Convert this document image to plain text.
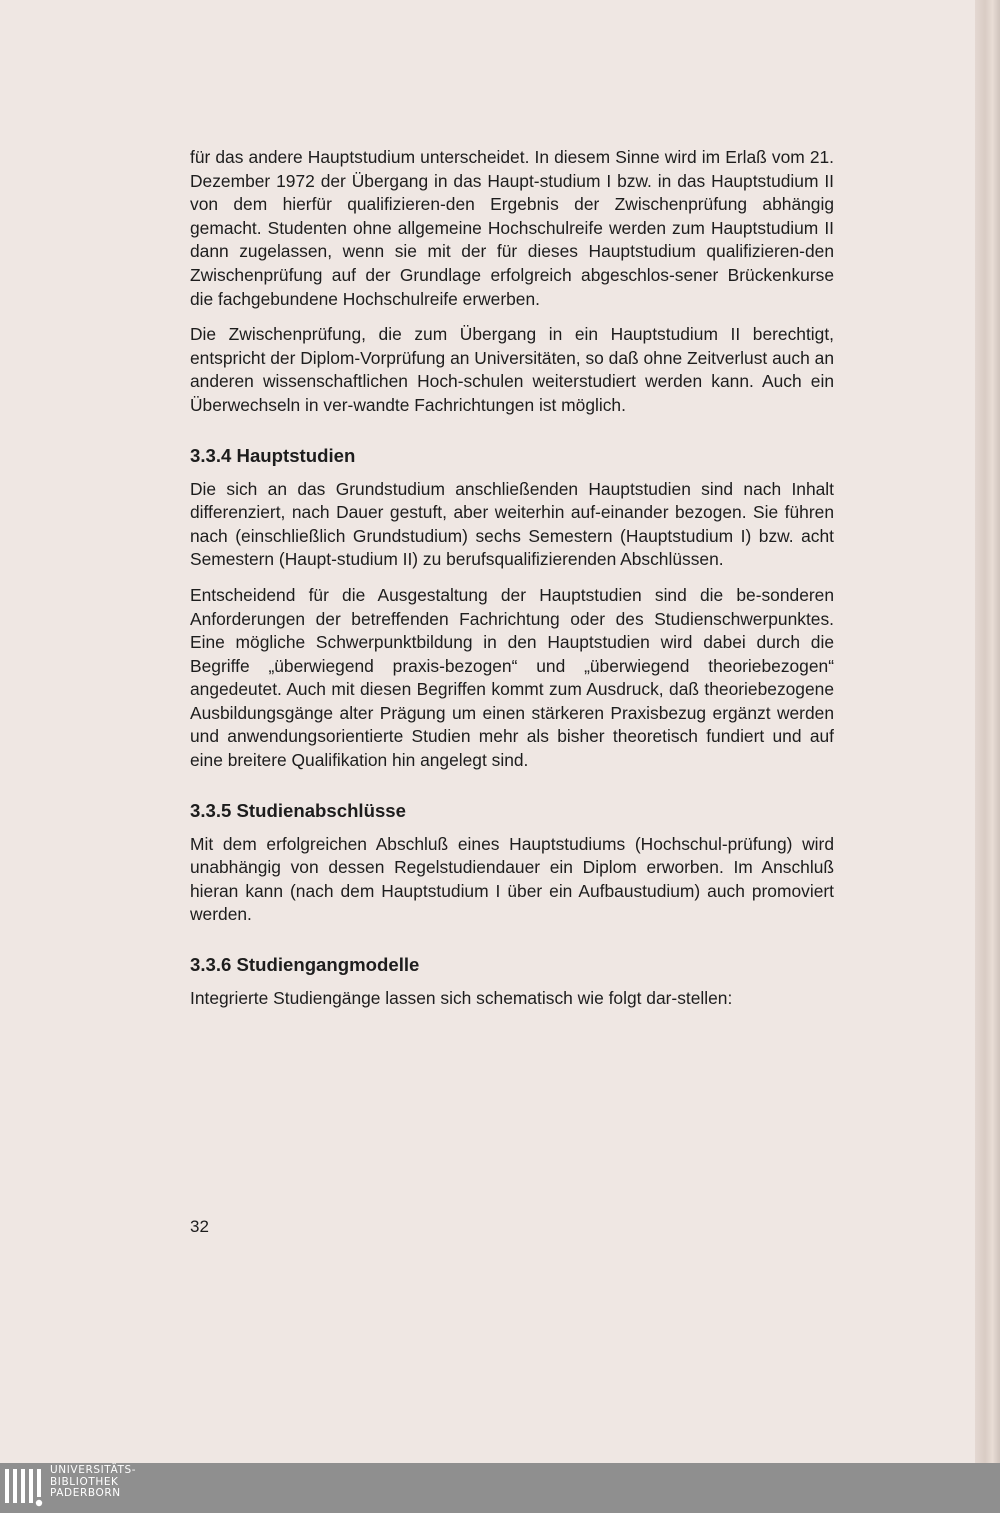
für das andere Hauptstudium unterscheidet. In diesem Sinne wird im Erlaß vom 21. Dezember 1972 der Übergang in das Haupt-studium I bzw. in das Hauptstudium II von dem hierfür qualifizieren-den Ergebnis der Zwischenprüfung abhängig gemacht. Studenten ohne allgemeine Hochschulreife werden zum Hauptstudium II dann zugelassen, wenn sie mit der für dieses Hauptstudium qualifizieren-den Zwischenprüfung auf der Grundlage erfolgreich abgeschlos-sener Brückenkurse die fachgebundene Hochschulreife erwerben.

Die Zwischenprüfung, die zum Übergang in ein Hauptstudium II berechtigt, entspricht der Diplom-Vorprüfung an Universitäten, so daß ohne Zeitverlust auch an anderen wissenschaftlichen Hoch-schulen weiterstudiert werden kann. Auch ein Überwechseln in ver-wandte Fachrichtungen ist möglich.

3.3.4 Hauptstudien

Die sich an das Grundstudium anschließenden Hauptstudien sind nach Inhalt differenziert, nach Dauer gestuft, aber weiterhin auf-einander bezogen. Sie führen nach (einschließlich Grundstudium) sechs Semestern (Hauptstudium I) bzw. acht Semestern (Haupt-studium II) zu berufsqualifizierenden Abschlüssen.

Entscheidend für die Ausgestaltung der Hauptstudien sind die be-sonderen Anforderungen der betreffenden Fachrichtung oder des Studienschwerpunktes. Eine mögliche Schwerpunktbildung in den Hauptstudien wird dabei durch die Begriffe „überwiegend praxis-bezogen“ und „überwiegend theoriebezogen“ angedeutet. Auch mit diesen Begriffen kommt zum Ausdruck, daß theoriebezogene Ausbildungsgänge alter Prägung um einen stärkeren Praxisbezug ergänzt werden und anwendungsorientierte Studien mehr als bisher theoretisch fundiert und auf eine breitere Qualifikation hin angelegt sind.

3.3.5 Studienabschlüsse

Mit dem erfolgreichen Abschluß eines Hauptstudiums (Hochschul-prüfung) wird unabhängig von dessen Regelstudiendauer ein Diplom erworben. Im Anschluß hieran kann (nach dem Hauptstudium I über ein Aufbaustudium) auch promoviert werden.

3.3.6 Studiengangmodelle

Integrierte Studiengänge lassen sich schematisch wie folgt dar-stellen:

32
UNIVERSITÄTS-
BIBLIOTHEK
PADERBORN
